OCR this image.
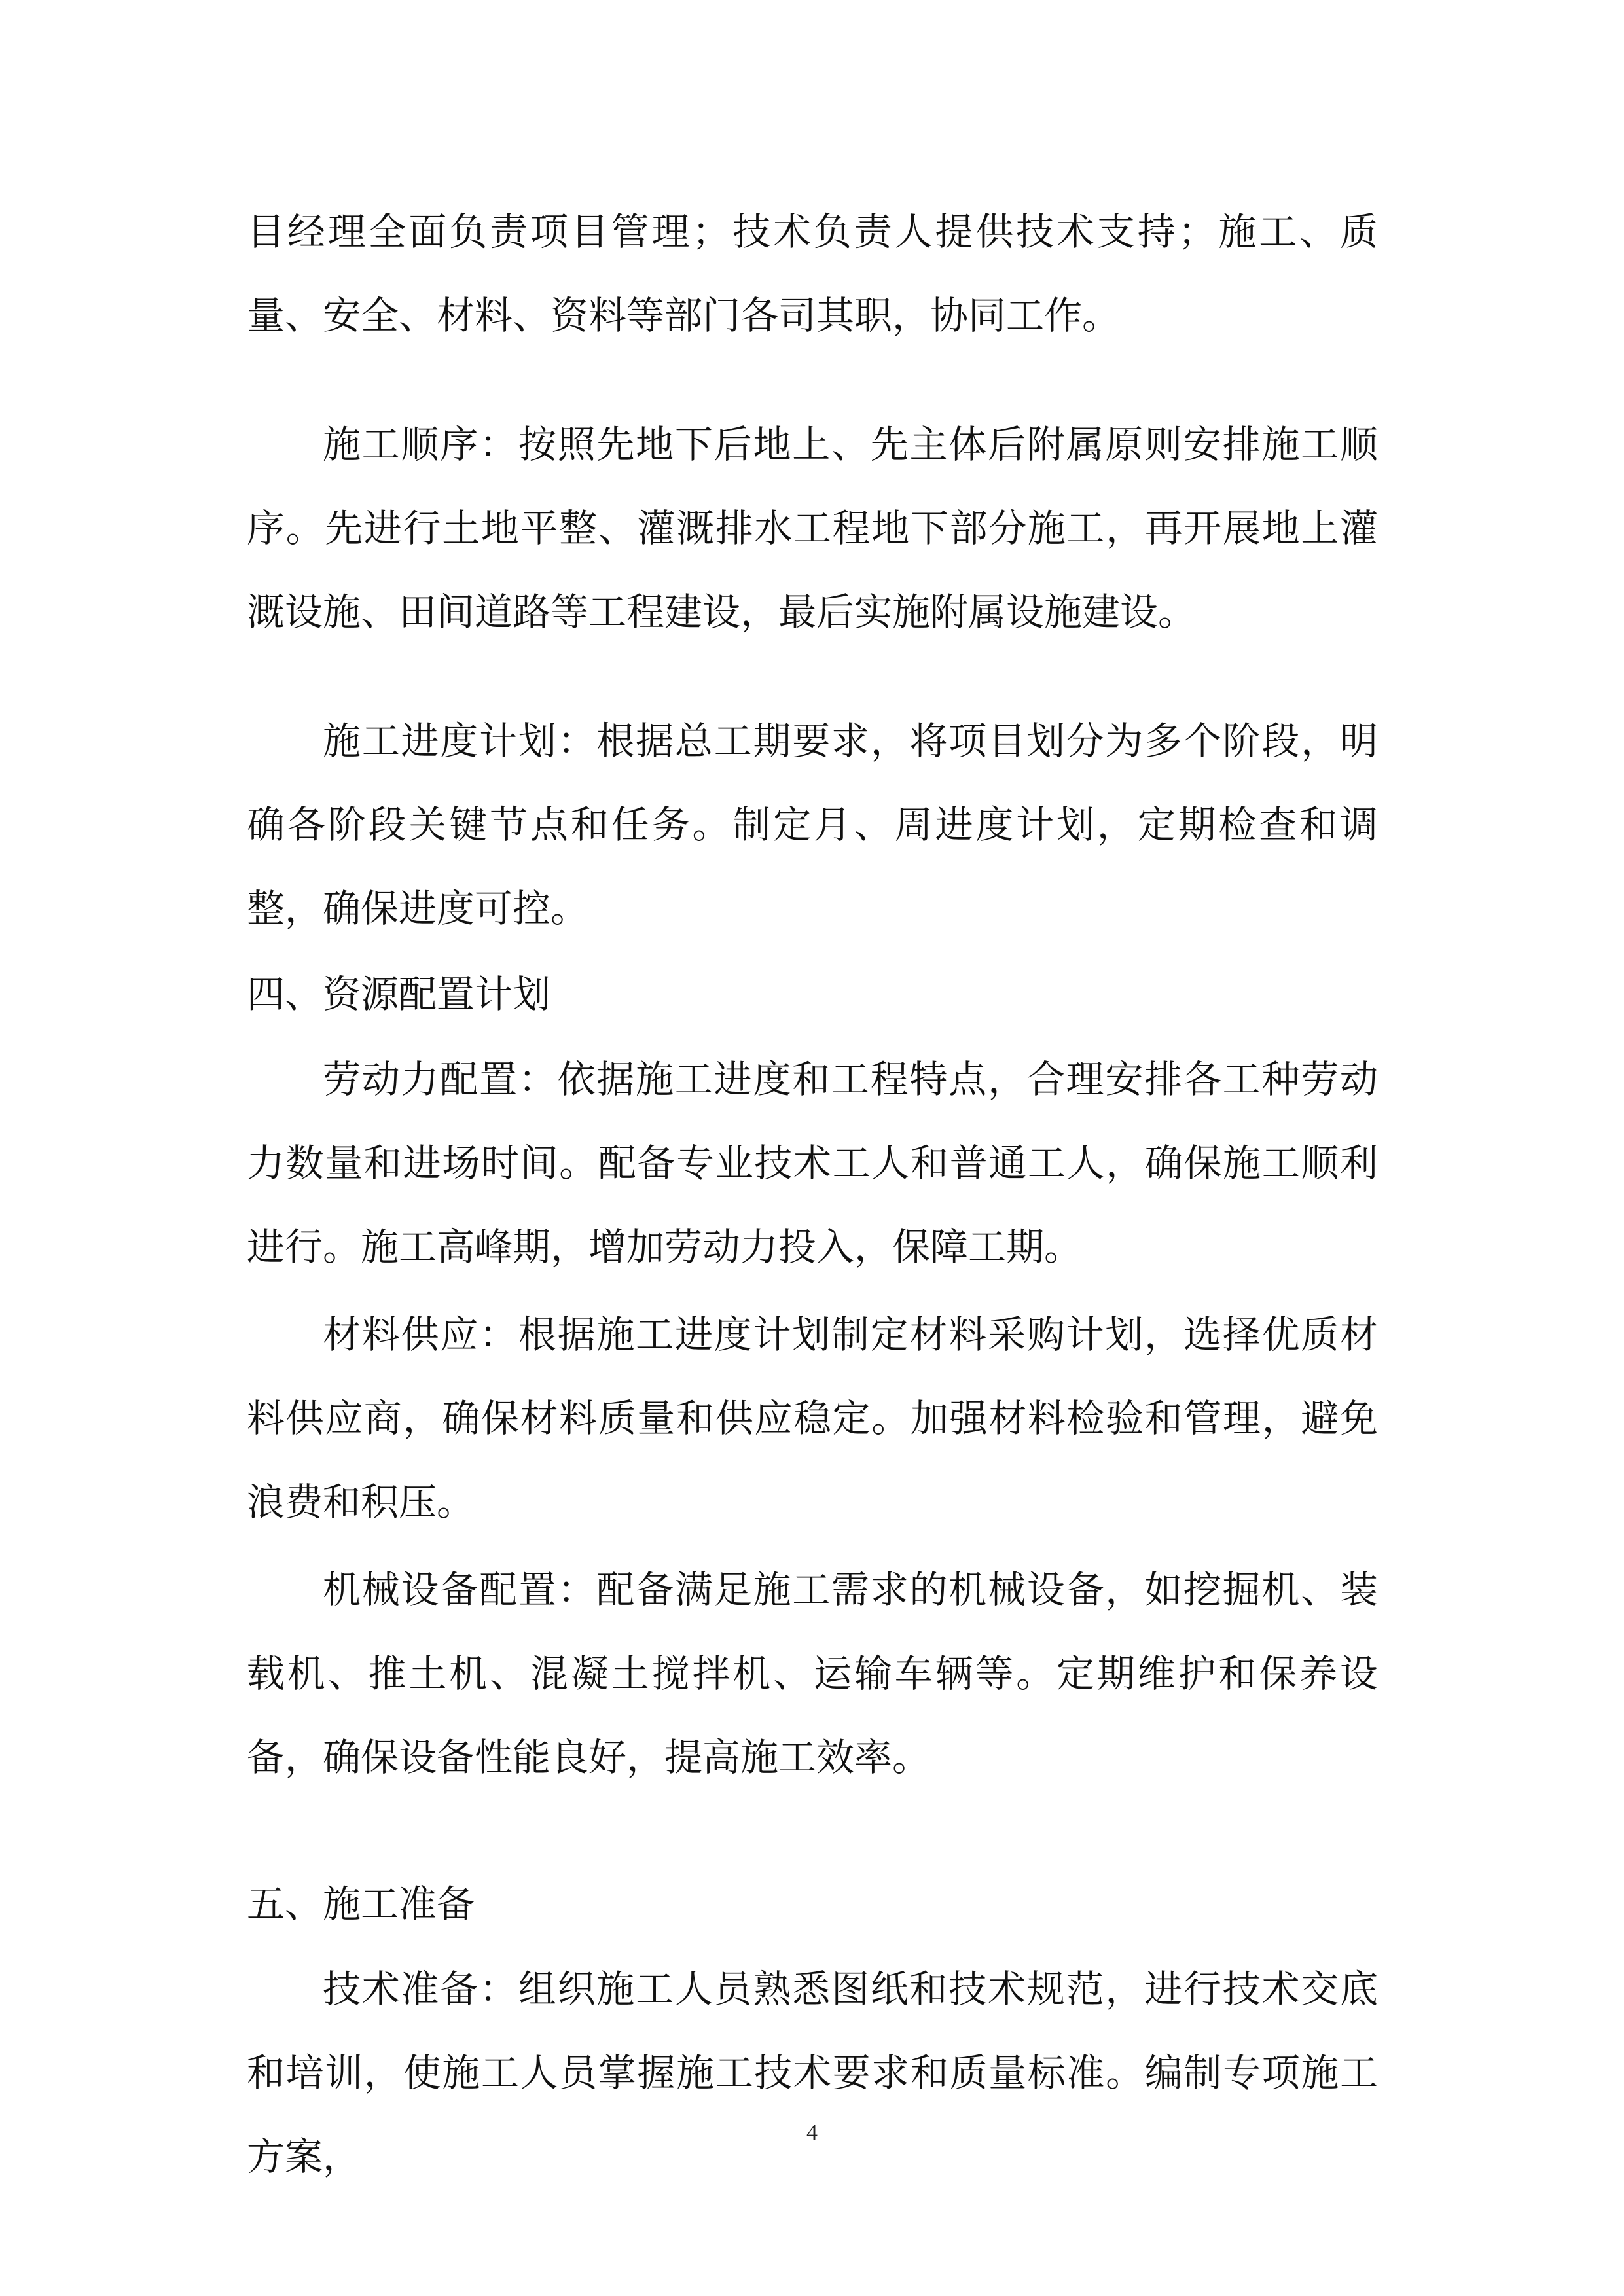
目经理全面负责项目管理；技术负责人提供技术支持；施工、质量、安全、材料、资料等部门各司其职，协同工作。

施工顺序：按照先地下后地上、先主体后附属原则安排施工顺序。先进行土地平整、灌溉排水工程地下部分施工，再开展地上灌溉设施、田间道路等工程建设，最后实施附属设施建设。

施工进度计划：根据总工期要求，将项目划分为多个阶段，明确各阶段关键节点和任务。制定月、周进度计划，定期检查和调整，确保进度可控。

四、资源配置计划

劳动力配置：依据施工进度和工程特点，合理安排各工种劳动力数量和进场时间。配备专业技术工人和普通工人，确保施工顺利进行。施工高峰期，增加劳动力投入，保障工期。

材料供应：根据施工进度计划制定材料采购计划，选择优质材料供应商，确保材料质量和供应稳定。加强材料检验和管理，避免浪费和积压。

机械设备配置：配备满足施工需求的机械设备，如挖掘机、装载机、推土机、混凝土搅拌机、运输车辆等。定期维护和保养设备，确保设备性能良好，提高施工效率。

五、施工准备

技术准备：组织施工人员熟悉图纸和技术规范，进行技术交底和培训，使施工人员掌握施工技术要求和质量标准。编制专项施工方案，

4
